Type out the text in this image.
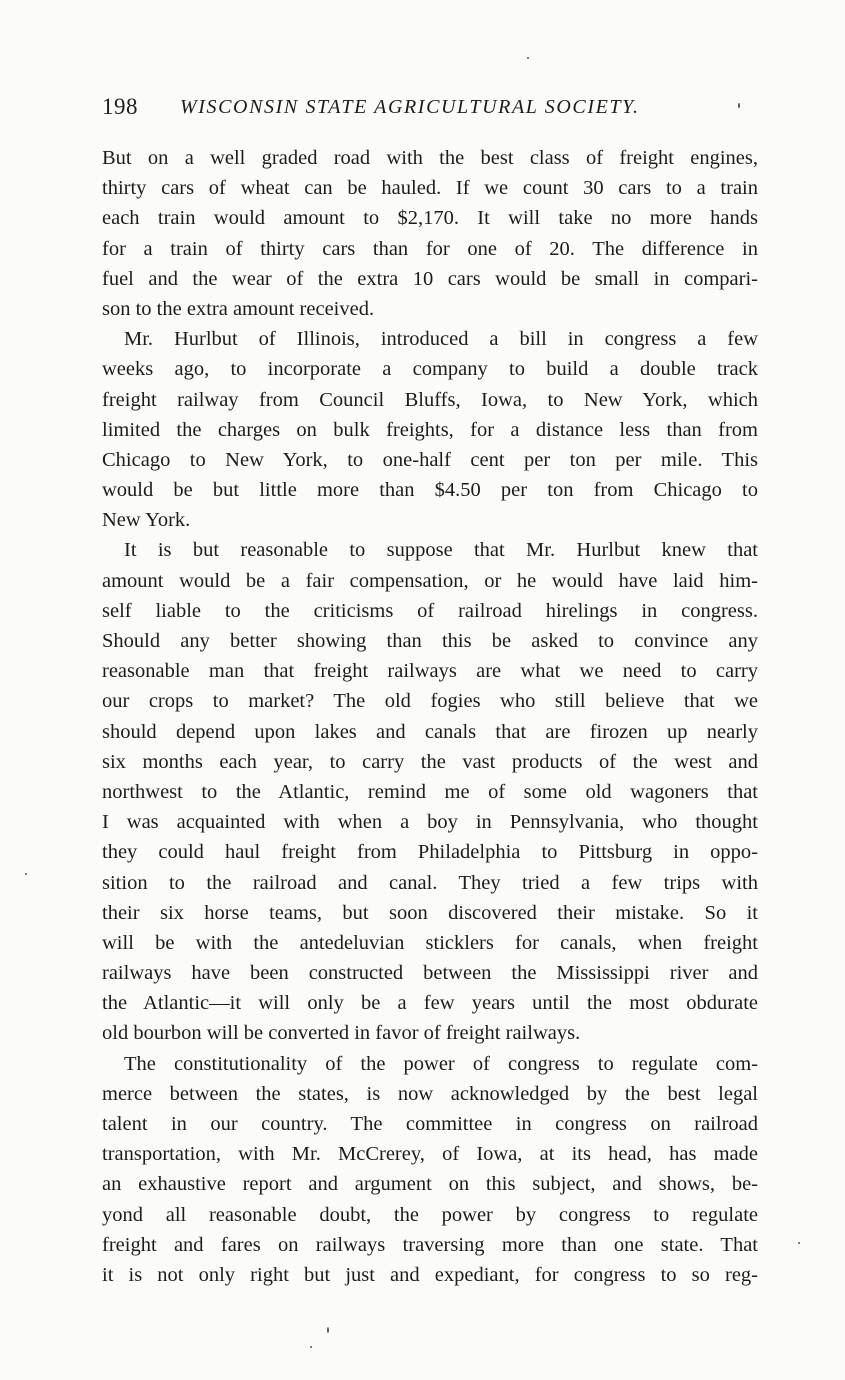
198 WISCONSIN STATE AGRICULTURAL SOCIETY.
But on a well graded road with the best class of freight engines,
thirty cars of wheat can be hauled. If we count 30 cars to a train
each train would amount to $2,170. It will take no more hands
for a train of thirty cars than for one of 20. The difference in
fuel and the wear of the extra 10 cars would be small in compari-
son to the extra amount received.
Mr. Hurlbut of Illinois, introduced a bill in congress a few
weeks ago, to incorporate a company to build a double track
freight railway from Council Bluffs, Iowa, to New York, which
limited the charges on bulk freights, for a distance less than from
Chicago to New York, to one-half cent per ton per mile. This
would be but little more than $4.50 per ton from Chicago to
New York.
It is but reasonable to suppose that Mr. Hurlbut knew that
amount would be a fair compensation, or he would have laid him-
self liable to the criticisms of railroad hirelings in congress.
Should any better showing than this be asked to convince any
reasonable man that freight railways are what we need to carry
our crops to market? The old fogies who still believe that we
should depend upon lakes and canals that are firozen up nearly
six months each year, to carry the vast products of the west and
northwest to the Atlantic, remind me of some old wagoners that
I was acquainted with when a boy in Pennsylvania, who thought
they could haul freight from Philadelphia to Pittsburg in oppo-
sition to the railroad and canal. They tried a few trips with
their six horse teams, but soon discovered their mistake. So it
will be with the antedeluvian sticklers for canals, when freight
railways have been constructed between the Mississippi river and
the Atlantic—it will only be a few years until the most obdurate
old bourbon will be converted in favor of freight railways.
The constitutionality of the power of congress to regulate com-
merce between the states, is now acknowledged by the best legal
talent in our country. The committee in congress on railroad
transportation, with Mr. McCrerey, of Iowa, at its head, has made
an exhaustive report and argument on this subject, and shows, be-
yond all reasonable doubt, the power by congress to regulate
freight and fares on railways traversing more than one state. That
it is not only right but just and expediant, for congress to so reg-
